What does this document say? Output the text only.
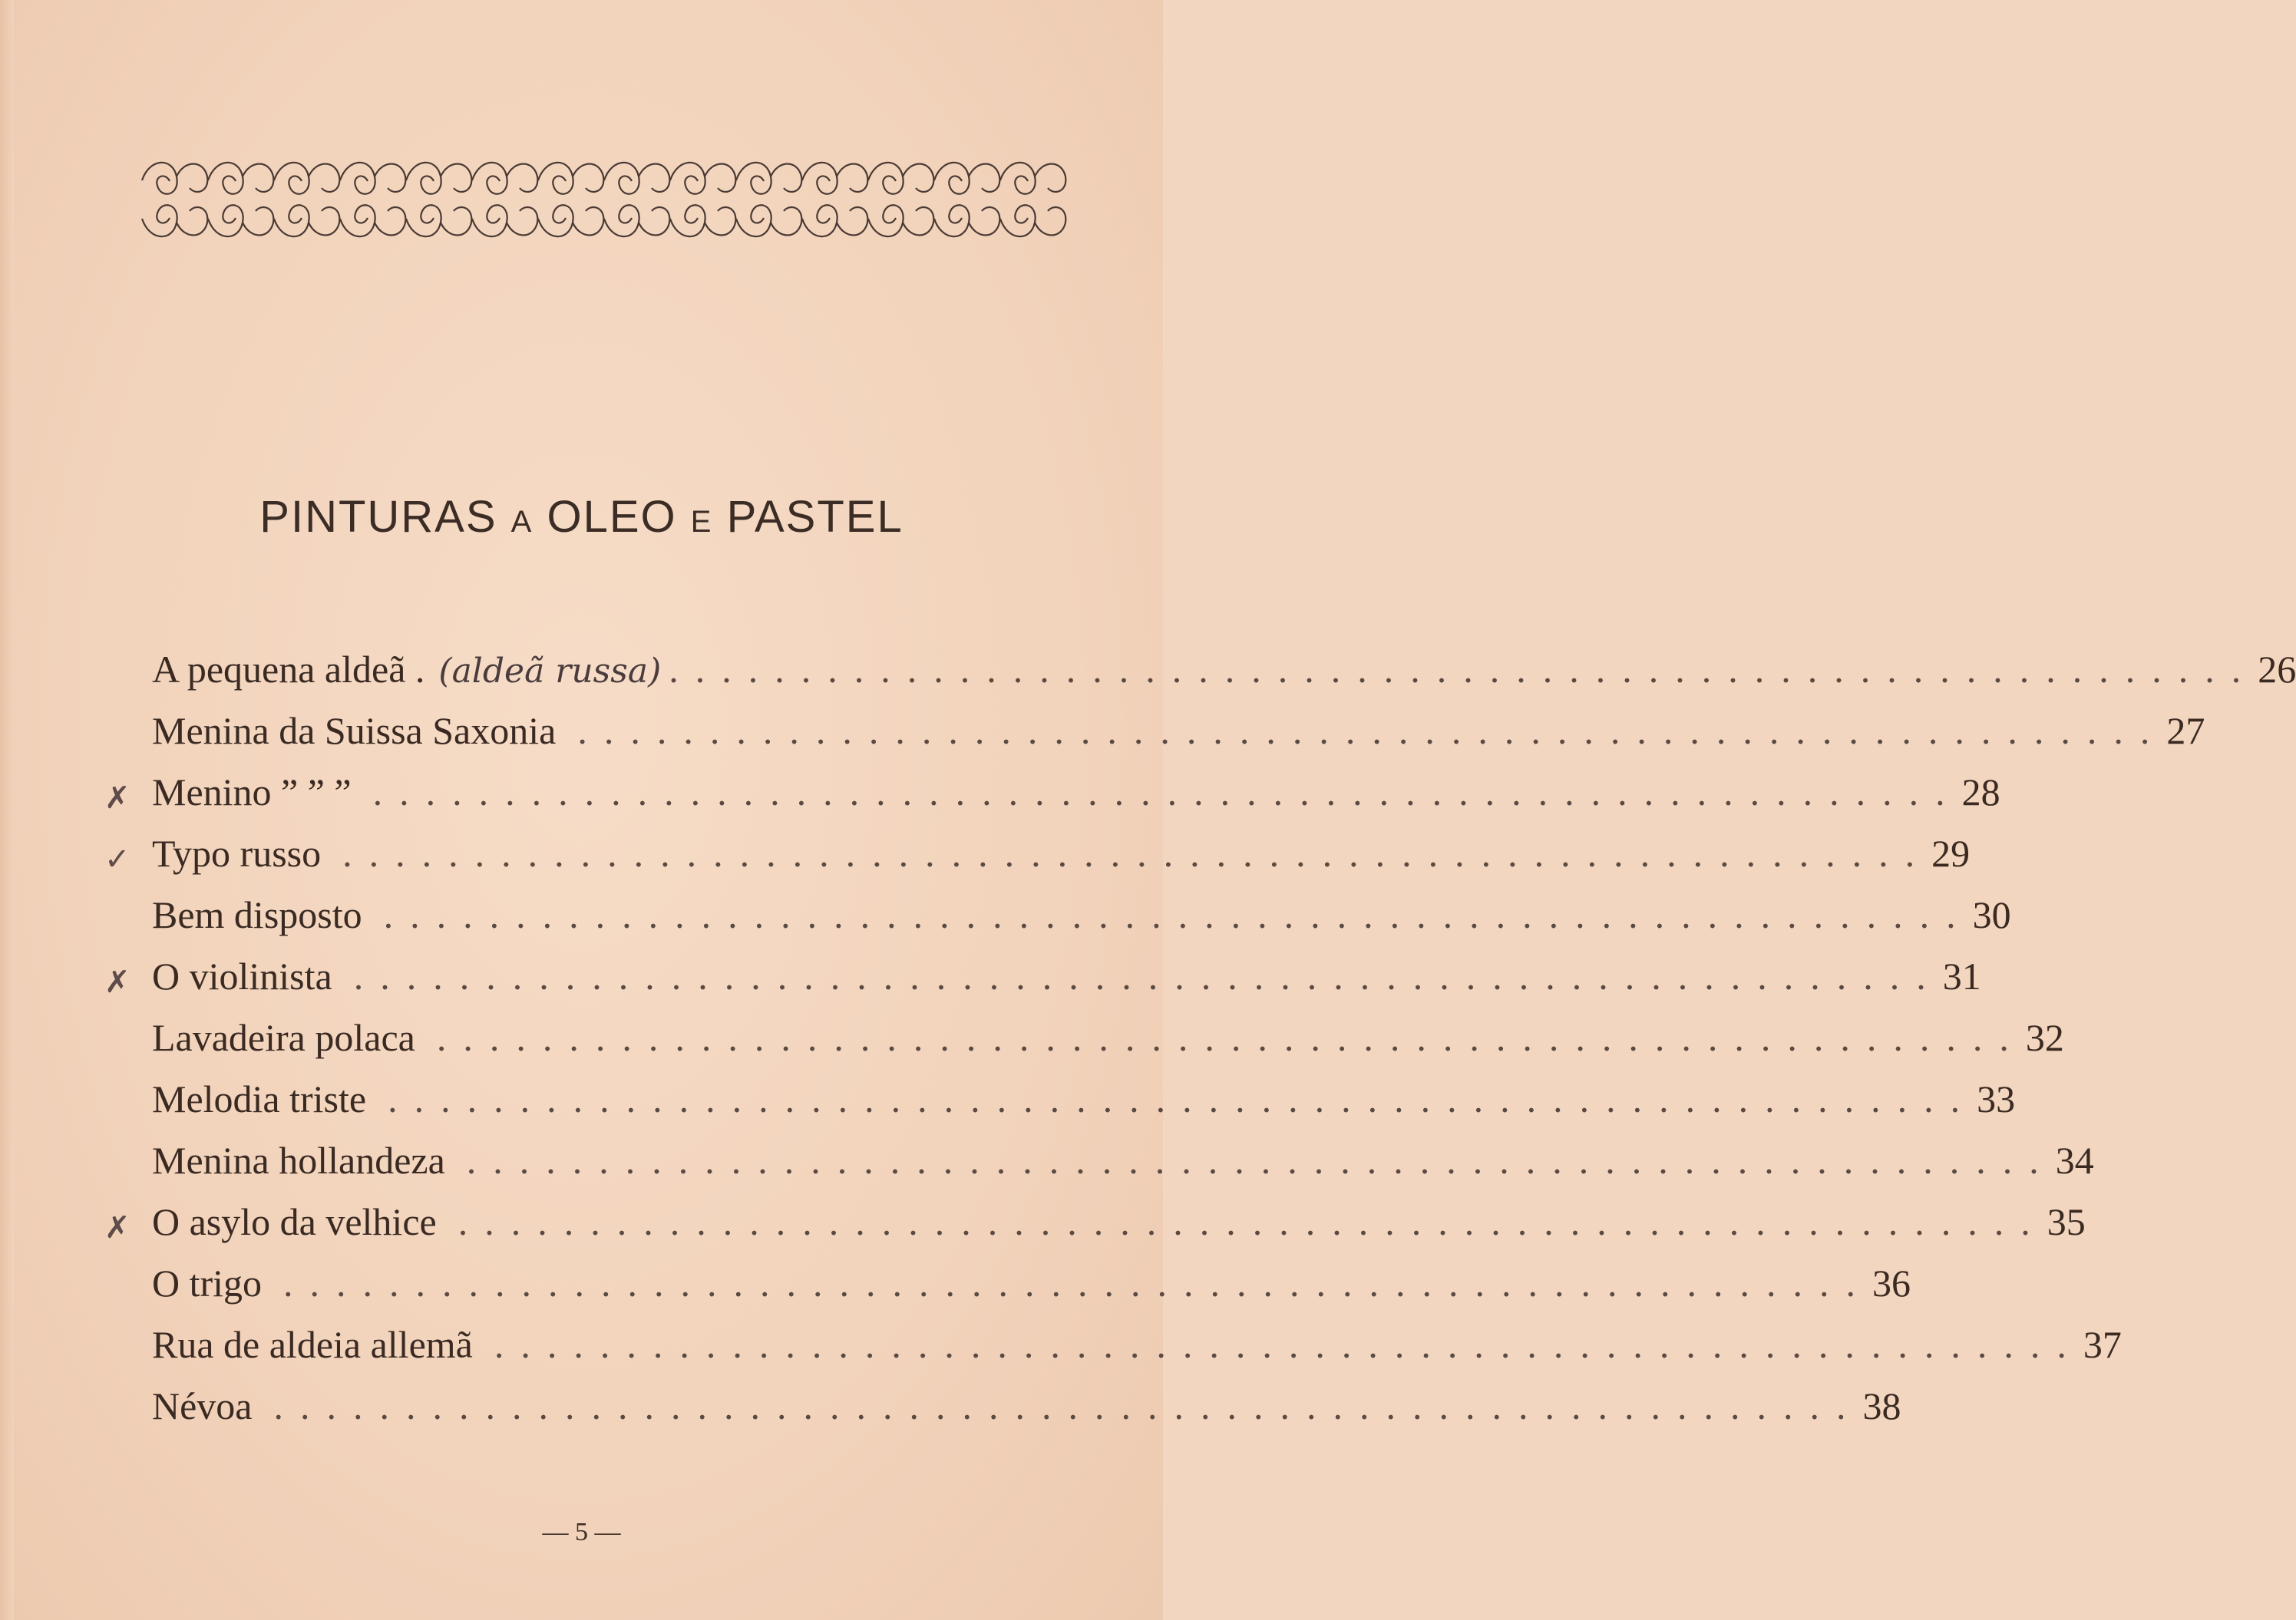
PINTURAS A OLEO E PASTEL
A pequena aldeã . (aldeã russa) ............................................................ 26
Menina da Suissa Saxonia ............................................................ 27
✗ Menino ” ” ” ............................................................ 28
✓ Typo russo ............................................................ 29
Bem disposto ............................................................ 30
✗ O violinista ............................................................ 31
Lavadeira polaca ............................................................ 32
Melodia triste ............................................................ 33
Menina hollandeza ............................................................ 34
✗ O asylo da velhice ............................................................ 35
O trigo ............................................................ 36
Rua de aldeia allemã ............................................................ 37
Névoa ............................................................ 38
— 5 —
